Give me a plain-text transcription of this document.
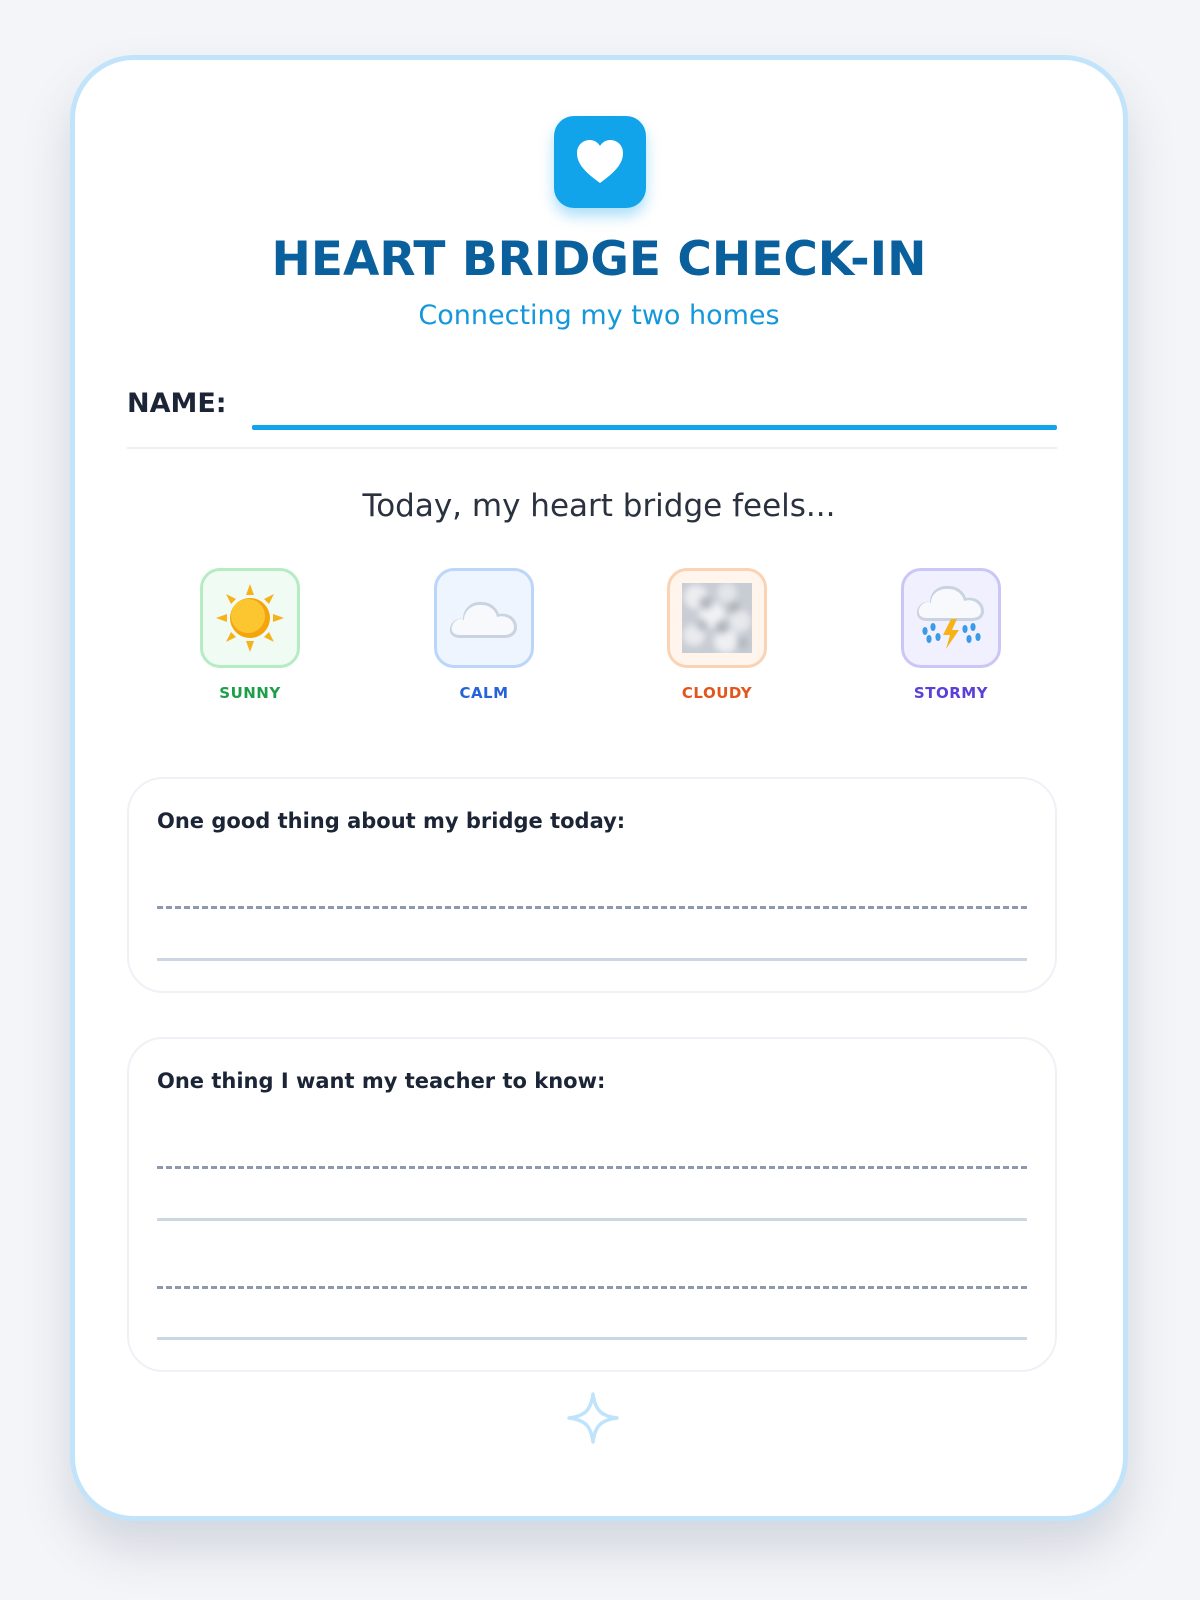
HEART BRIDGE CHECK-IN
Connecting my two homes
NAME:
Today, my heart bridge feels...
SUNNY	CALM	CLOUDY	STORMY
One good thing about my bridge today:
One thing I want my teacher to know:
